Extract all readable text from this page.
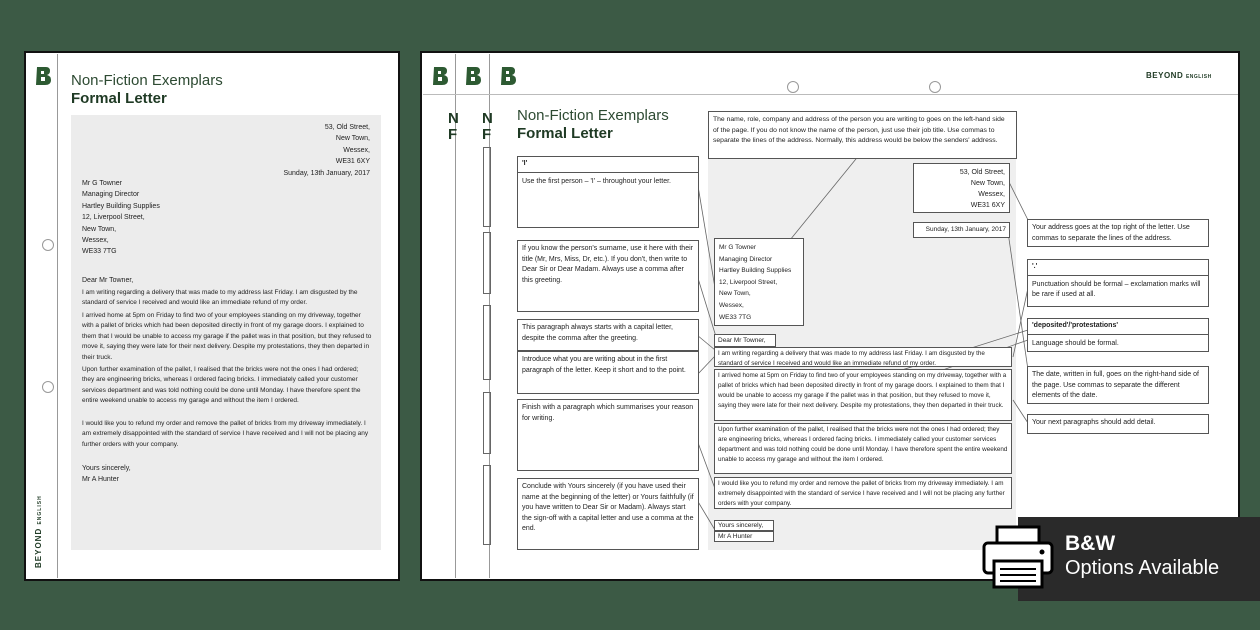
BEYOND ENGLISH
Non-Fiction Exemplars
Formal Letter
53, Old Street,
New Town,
Wessex,
WE31 6XY
Sunday, 13th January, 2017
Mr G Towner
Managing Director
Hartley Building Supplies
12, Liverpool Street,
New Town,
Wessex,
WE33 7TG
Dear Mr Towner,
I am writing regarding a delivery that was made to my address last Friday. I am disgusted by the standard of service I received and would like an immediate refund of my order.
I arrived home at 5pm on Friday to find two of your employees standing on my driveway, together with a pallet of bricks which had been deposited directly in front of my garage doors. I explained to them that I would be unable to access my garage if the pallet was in that position, but they refused to move it, saying they were late for their next delivery. Despite my protestations, they then departed in their truck.
Upon further examination of the pallet, I realised that the bricks were not the ones I had ordered; they are engineering bricks, whereas I ordered facing bricks. I immediately called your customer services department and was told nothing could be done until Monday. I have therefore spent the entire weekend unable to access my garage and without the item I ordered.
I would like you to refund my order and remove the pallet of bricks from my driveway immediately. I am extremely disappointed with the standard of service I have received and I will not be placing any further orders with your company.
Yours sincerely,
Mr A Hunter
BEYOND ENGLISH
N N
F F
Non-Fiction Exemplars
Formal Letter
53, Old Street,
New Town,
Wessex,
WE31 6XY
Sunday, 13th January, 2017
Mr G Towner
Managing Director
Hartley Building Supplies
12, Liverpool Street,
New Town,
Wessex,
WE33 7TG
Dear Mr Towner,
I am writing regarding a delivery that was made to my address last Friday. I am disgusted by the standard of service I received and would like an immediate refund of my order.
I arrived home at 5pm on Friday to find two of your employees standing on my driveway, together with a pallet of bricks which had been deposited directly in front of my garage doors. I explained to them that I would be unable to access my garage if the pallet was in that position, but they refused to move it, saying they were late for their next delivery. Despite my protestations, they then departed in their truck.
Upon further examination of the pallet, I realised that the bricks were not the ones I had ordered; they are engineering bricks, whereas I ordered facing bricks. I immediately called your customer services department and was told nothing could be done until Monday. I have therefore spent the entire weekend unable to access my garage and without the item I ordered.
I would like you to refund my order and remove the pallet of bricks from my driveway immediately. I am extremely disappointed with the standard of service I have received and I will not be placing any further orders with your company.
Yours sincerely,
Mr A Hunter
The name, role, company and address of the person you are writing to goes on the left-hand side of the page. If you do not know the name of the person, just use their job title. Use commas to separate the lines of the address. Normally, this address would be below the senders' address.
'I'
Use the first person – 'I' – throughout your letter.
If you know the person's surname, use it here with their title (Mr, Mrs, Miss, Dr, etc.). If you don't, then write to Dear Sir or Dear Madam. Always use a comma after this greeting.
This paragraph always starts with a capital letter, despite the comma after the greeting.
Introduce what you are writing about in the first paragraph of the letter. Keep it short and to the point.
Finish with a paragraph which summarises your reason for writing.
Conclude with Yours sincerely (if you have used their name at the beginning of the letter) or Yours faithfully (if you have written to Dear Sir or Madam). Always start the sign-off with a capital letter and use a comma at the end.
Your address goes at the top right of the letter. Use commas to separate the lines of the address.
'.'
Punctuation should be formal – exclamation marks will be rare if used at all.
'deposited'/'protestations'
Language should be formal.
The date, written in full, goes on the right-hand side of the page. Use commas to separate the different elements of the date.
Your next paragraphs should add detail.
B&W
Options Available
